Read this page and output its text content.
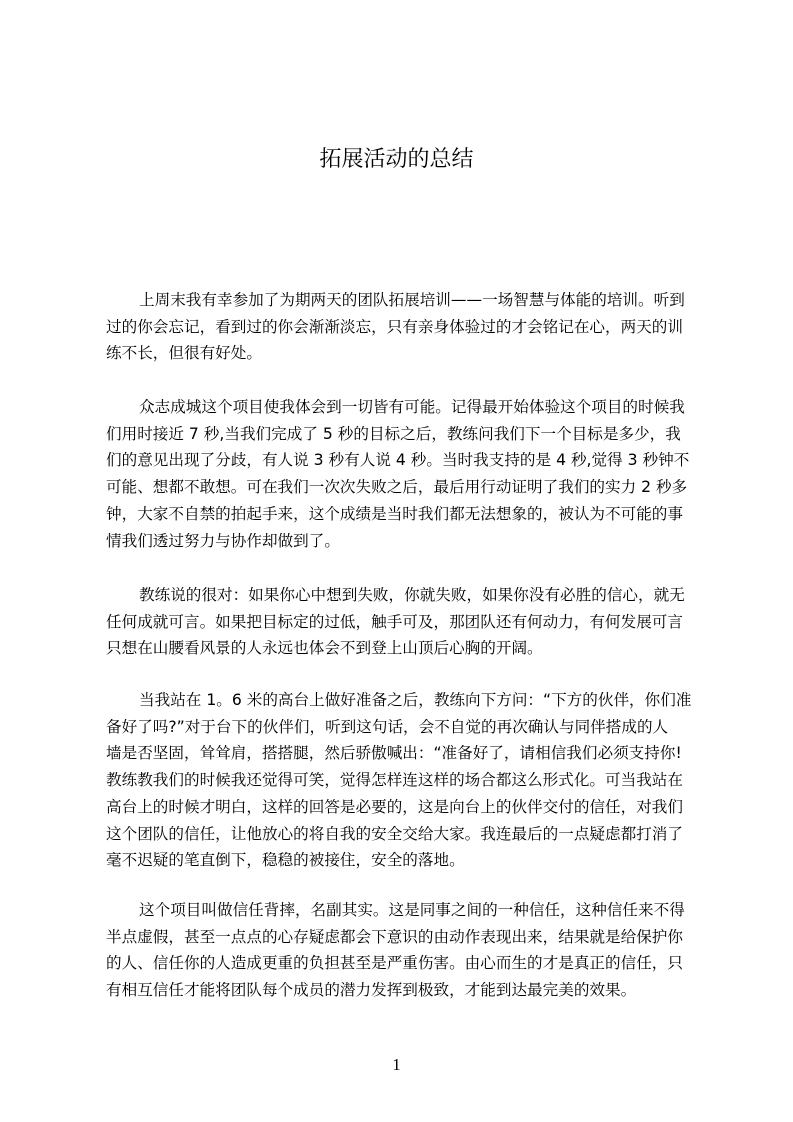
拓展活动的总结
上周末我有幸参加了为期两天的团队拓展培训——一场智慧与体能的培训。听到
过的你会忘记，看到过的你会渐渐淡忘，只有亲身体验过的才会铭记在心，两天的训
练不长，但很有好处。
众志成城这个项目使我体会到一切皆有可能。记得最开始体验这个项目的时候我
们用时接近 7 秒,当我们完成了 5 秒的目标之后，教练问我们下一个目标是多少，我
们的意见出现了分歧，有人说 3 秒有人说 4 秒。当时我支持的是 4 秒,觉得 3 秒钟不
可能、想都不敢想。可在我们一次次失败之后，最后用行动证明了我们的实力 2 秒多
钟，大家不自禁的拍起手来，这个成绩是当时我们都无法想象的，被认为不可能的事
情我们透过努力与协作却做到了。
教练说的很对：如果你心中想到失败，你就失败，如果你没有必胜的信心，就无
任何成就可言。如果把目标定的过低，触手可及，那团队还有何动力，有何发展可言
只想在山腰看风景的人永远也体会不到登上山顶后心胸的开阔。
当我站在 1。6 米的高台上做好准备之后，教练向下方问：“下方的伙伴，你们准
备好了吗?”对于台下的伙伴们，听到这句话，会不自觉的再次确认与同伴搭成的人
墙是否坚固，耸耸肩，搭搭腿，然后骄傲喊出：“准备好了，请相信我们必须支持你!
教练教我们的时候我还觉得可笑，觉得怎样连这样的场合都这么形式化。可当我站在
高台上的时候才明白，这样的回答是必要的，这是向台上的伙伴交付的信任，对我们
这个团队的信任，让他放心的将自我的安全交给大家。我连最后的一点疑虑都打消了
毫不迟疑的笔直倒下，稳稳的被接住，安全的落地。
这个项目叫做信任背摔，名副其实。这是同事之间的一种信任，这种信任来不得
半点虚假，甚至一点点的心存疑虑都会下意识的由动作表现出来，结果就是给保护你
的人、信任你的人造成更重的负担甚至是严重伤害。由心而生的才是真正的信任，只
有相互信任才能将团队每个成员的潜力发挥到极致，才能到达最完美的效果。
1
